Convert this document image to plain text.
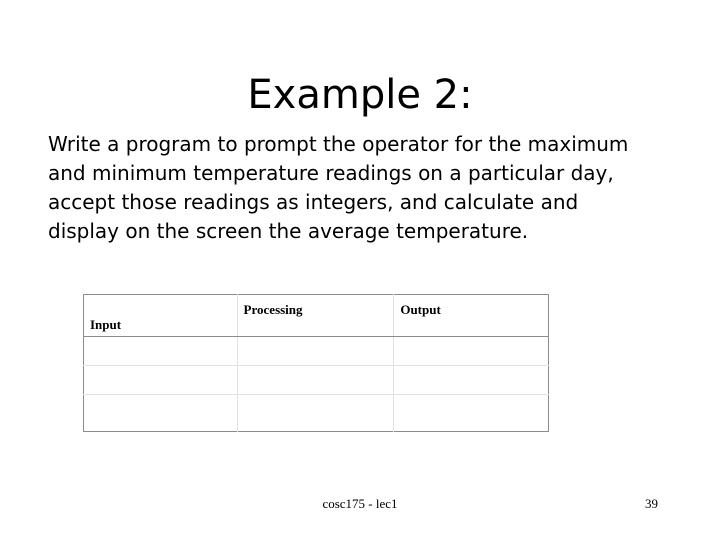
Example 2:

Write a program to prompt the operator for the maximum

and minimum temperature readings on a particular day,

accept those readings as integers, and calculate and

display on the screen the average temperature.

Input	Processing	Output

cosc175 - lec1	39
